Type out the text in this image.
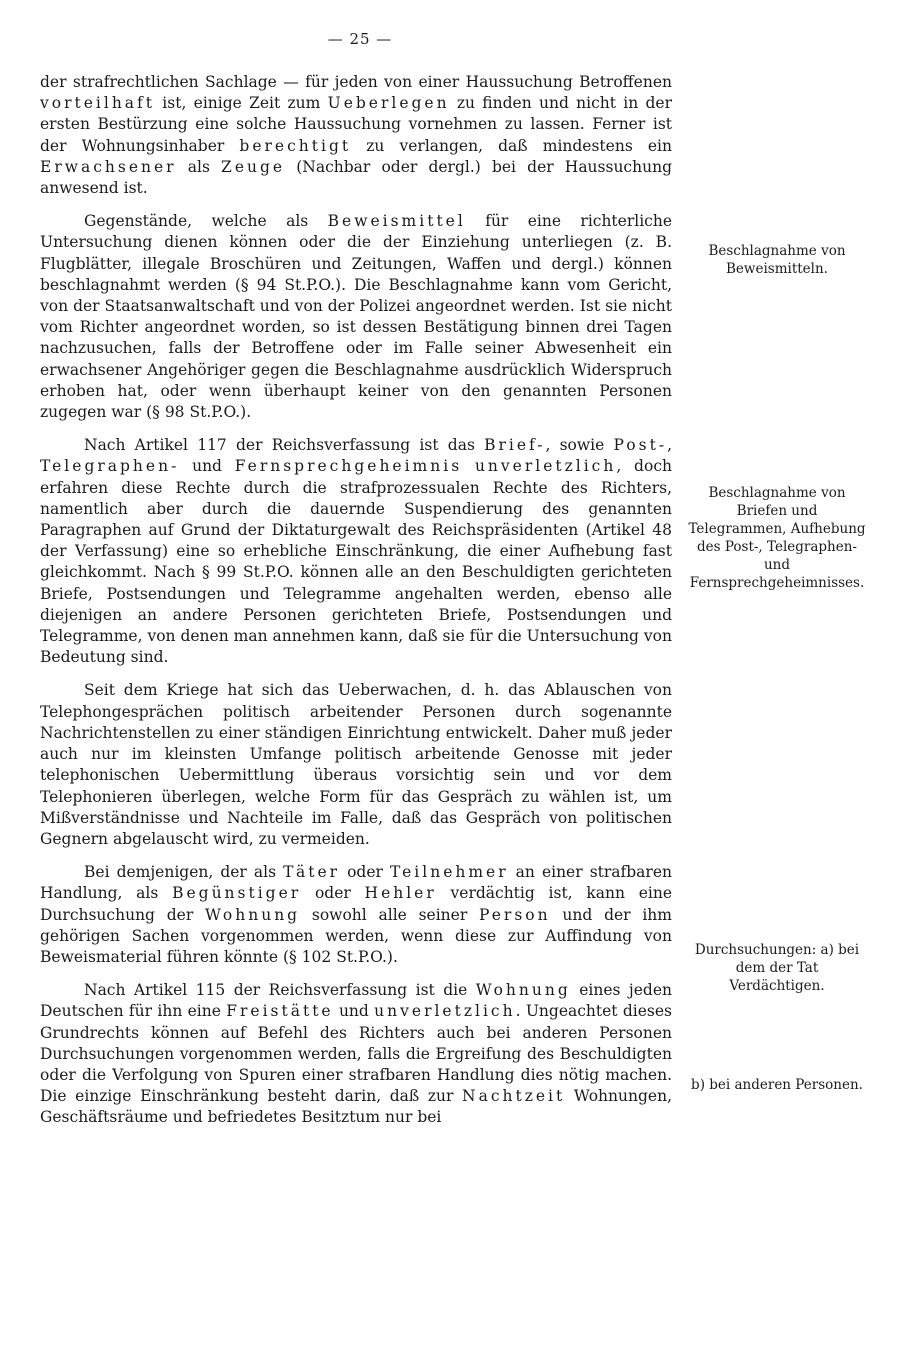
— 25 —

der strafrechtlichen Sachlage — für jeden von einer Haussuchung Betroffenen vorteilhaft ist, einige Zeit zum Ueberlegen zu finden und nicht in der ersten Bestürzung eine solche Haussuchung vornehmen zu lassen. Ferner ist der Wohnungsinhaber berechtigt zu verlangen, daß mindestens ein Erwachsener als Zeuge (Nachbar oder dergl.) bei der Haussuchung anwesend ist.

Gegenstände, welche als Beweismittel für eine richterliche Untersuchung dienen können oder die der Einziehung unterliegen (z. B. Flugblätter, illegale Broschüren und Zeitungen, Waffen und dergl.) können beschlagnahmt werden (§ 94 St.P.O.). Die Beschlagnahme kann vom Gericht, von der Staatsanwaltschaft und von der Polizei angeordnet werden. Ist sie nicht vom Richter angeordnet worden, so ist dessen Bestätigung binnen drei Tagen nachzusuchen, falls der Betroffene oder im Falle seiner Abwesenheit ein erwachsener Angehöriger gegen die Beschlagnahme ausdrücklich Widerspruch erhoben hat, oder wenn überhaupt keiner von den genannten Personen zugegen war (§ 98 St.P.O.).

Nach Artikel 117 der Reichsverfassung ist das Brief-, sowie Post-, Telegraphen- und Fernsprechgeheimnis unverletzlich, doch erfahren diese Rechte durch die strafprozessualen Rechte des Richters, namentlich aber durch die dauernde Suspendierung des genannten Paragraphen auf Grund der Diktaturgewalt des Reichspräsidenten (Artikel 48 der Verfassung) eine so erhebliche Einschränkung, die einer Aufhebung fast gleichkommt. Nach § 99 St.P.O. können alle an den Beschuldigten gerichteten Briefe, Postsendungen und Telegramme angehalten werden, ebenso alle diejenigen an andere Personen gerichteten Briefe, Postsendungen und Telegramme, von denen man annehmen kann, daß sie für die Untersuchung von Bedeutung sind.

Seit dem Kriege hat sich das Ueberwachen, d. h. das Ablauschen von Telephongesprächen politisch arbeitender Personen durch sogenannte Nachrichtenstellen zu einer ständigen Einrichtung entwickelt. Daher muß jeder auch nur im kleinsten Umfange politisch arbeitende Genosse mit jeder telephonischen Uebermittlung überaus vorsichtig sein und vor dem Telephonieren überlegen, welche Form für das Gespräch zu wählen ist, um Mißverständnisse und Nachteile im Falle, daß das Gespräch von politischen Gegnern abgelauscht wird, zu vermeiden.

Bei demjenigen, der als Täter oder Teilnehmer an einer strafbaren Handlung, als Begünstiger oder Hehler verdächtig ist, kann eine Durchsuchung der Wohnung sowohl alle seiner Person und der ihm gehörigen Sachen vorgenommen werden, wenn diese zur Auffindung von Beweismaterial führen könnte (§ 102 St.P.O.).

Nach Artikel 115 der Reichsverfassung ist die Wohnung eines jeden Deutschen für ihn eine Freistätte und unverletzlich. Ungeachtet dieses Grundrechts können auf Befehl des Richters auch bei anderen Personen Durchsuchungen vorgenommen werden, falls die Ergreifung des Beschuldigten oder die Verfolgung von Spuren einer strafbaren Handlung dies nötig machen. Die einzige Einschränkung besteht darin, daß zur Nachtzeit Wohnungen, Geschäftsräume und befriedetes Besitztum nur bei

Beschlagnahme von Beweismitteln.
Beschlagnahme von Briefen und Telegrammen, Aufhebung des Post-, Telegraphen- und Fernsprechgeheimnisses.
Durchsuchungen: a) bei dem der Tat Verdächtigen.
b) bei anderen Personen.
